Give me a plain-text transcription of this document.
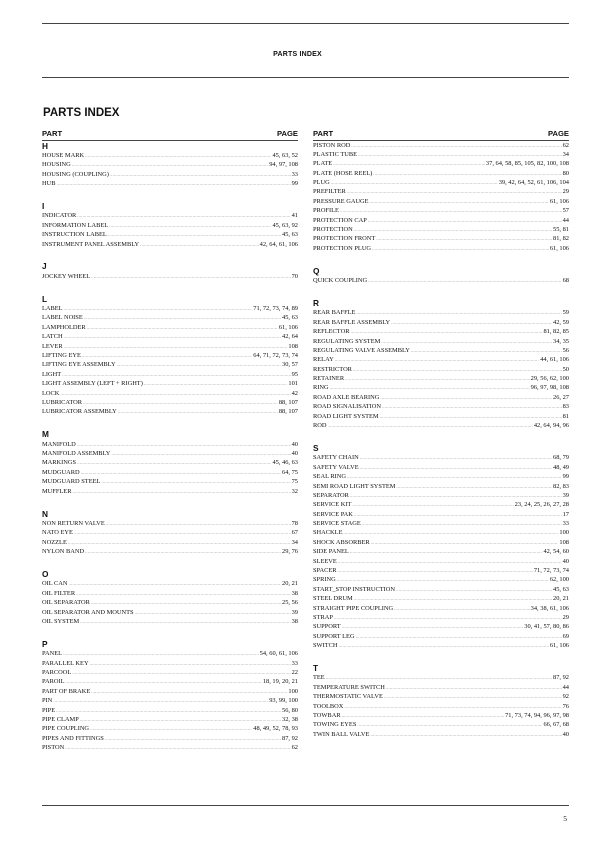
PARTS INDEX
PARTS INDEX
PART	PAGE
H
HOUSE MARK .....	45, 63, 52
HOUSING .....	94, 97, 108
HOUSING (COUPLING) .....	33
HUB .....	99
I
INDICATOR .....	41
INFORMATION LABEL .....	45, 63, 92
INSTRUCTION LABEL .....	45, 63
INSTRUMENT PANEL ASSEMBLY .....	42, 64, 61, 106
J
JOCKEY WHEEL .....	70
L
LABEL .....	71, 72, 73, 74, 89
LABEL NOISE .....	45, 63
LAMPHOLDER .....	61, 106
LATCH .....	42, 64
LEVER .....	108
LIFTING EYE .....	64, 71, 72, 73, 74
LIFTING EYE ASSEMBLY .....	30, 57
LIGHT .....	95
LIGHT ASSEMBLY (LEFT + RIGHT) .....	101
LOCK .....	42
LUBRICATOR .....	88, 107
LUBRICATOR ASSEMBLY .....	88, 107
M
MANIFOLD .....	40
MANIFOLD ASSEMBLY .....	40
MARKINGS .....	45, 46, 63
MUDGUARD .....	64, 75
MUDGUARD STEEL .....	75
MUFFLER .....	32
N
NON RETURN VALVE .....	78
NATO EYE .....	67
NOZZLE .....	34
NYLON BAND .....	29, 76
O
OIL CAN .....	20, 21
OIL FILTER .....	38
OIL SEPARATOR .....	25, 56
OIL SEPARATOR AND MOUNTS .....	39
OIL SYSTEM .....	38
P
PANEL .....	54, 60, 61, 106
PARALLEL KEY .....	33
PARCOOL .....	22
PAROIL .....	18, 19, 20, 21
PART OF BRAKE .....	100
PIN .....	93, 99, 100
PIPE .....	56, 80
PIPE CLAMP .....	32, 38
PIPE COUPLING .....	48, 49, 52, 78, 93
PIPES AND FITTINGS .....	87, 92
PISTON .....	62
PART	PAGE
PISTON ROD .....	62
PLASTIC TUBE .....	34
PLATE .....	37, 64, 58, 85, 105, 82, 100, 108
PLATE (HOSE REEL) .....	80
PLUG .....	39, 42, 64, 52, 61, 106, 104
PREFILTER .....	29
PRESSURE GAUGE .....	61, 106
PROFILE .....	57
PROTECTION CAP .....	44
PROTECTION .....	55, 81
PROTECTION FRONT .....	81, 82
PROTECTION PLUG .....	61, 106
Q
QUICK COUPLING .....	68
R
REAR BAFFLE .....	59
REAR BAFFLE ASSEMBLY .....	42, 59
REFLECTOR .....	81, 82, 85
REGULATING SYSTEM .....	34, 35
REGULATING VALVE ASSEMBLY .....	56
RELAY .....	44, 61, 106
RESTRICTOR .....	50
RETAINER .....	29, 56, 62, 100
RING .....	96, 97, 98, 108
ROAD AXLE BEARING .....	26, 27
ROAD SIGNALISATION .....	83
ROAD LIGHT SYSTEM .....	81
ROD .....	42, 64, 94, 96
S
SAFETY CHAIN .....	68, 79
SAFETY VALVE .....	48, 49
SEAL RING .....	99
SEMI ROAD LIGHT SYSTEM .....	82, 83
SEPARATOR .....	39
SERVICE KIT .....	23, 24, 25, 26, 27, 28
SERVICE PAK .....	17
SERVICE STAGE .....	33
SHACKLE .....	100
SHOCK ABSORBER .....	108
SIDE PANEL .....	42, 54, 60
SLEEVE .....	40
SPACER .....	71, 72, 73, 74
SPRING .....	62, 100
START_STOP INSTRUCTION .....	45, 63
STEEL DRUM .....	20, 21
STRAIGHT PIPE COUPLING .....	34, 38, 61, 106
STRAP .....	29
SUPPORT .....	30, 41, 57, 80, 86
SUPPORT LEG .....	69
SWITCH .....	61, 106
T
TEE .....	87, 92
TEMPERATURE SWITCH .....	44
THERMOSTATIC VALVE .....	92
TOOLBOX .....	76
TOWBAR .....	71, 73, 74, 94, 96, 97, 98
TOWING EYES .....	66, 67, 68
TWIN BALL VALVE .....	40
5
